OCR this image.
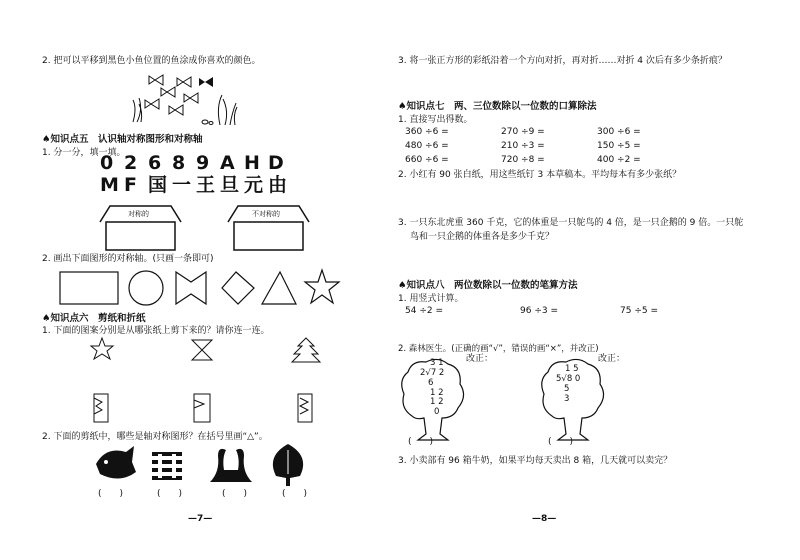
2. 把可以平移到黑色小鱼位置的鱼涂成你喜欢的颜色。
♠知识点五　认识轴对称图形和对称轴
1. 分一分，填一填。
0 2 6 8 9 A H D
M F 国 一 王 旦 元 由
对称的	不对称的
2. 画出下面图形的对称轴。(只画一条即可)
♠知识点六　剪纸和折纸
1. 下面的图案分别是从哪张纸上剪下来的？请你连一连。
2. 下面的剪纸中，哪些是轴对称图形？在括号里画“△”。
(　　)	(　　)	(　　)	(　　)
—7—
3. 将一张正方形的彩纸沿着一个方向对折，再对折……对折 4 次后有多少条折痕？
♠知识点七　两、三位数除以一位数的口算除法
1. 直接写出得数。
360 ÷6 =	270 ÷9 =	300 ÷6 =
480 ÷6 =	210 ÷3 =	150 ÷5 =
660 ÷6 =	720 ÷8 =	400 ÷2 =
2. 小红有 90 张白纸，用这些纸钉 3 本草稿本。平均每本有多少张纸？
3. 一只东北虎重 360 千克，它的体重是一只鸵鸟的 4 倍，是一只企鹅的 9 倍。一只鸵
鸟和一只企鹅的体重各是多少千克？
♠知识点八　两位数除以一位数的笔算方法
1. 用竖式计算。
54 ÷2 =	96 ÷3 =	75 ÷5 =
2. 森林医生。(正确的画“√”，错误的画“×”，并改正)
3 1
2√7 2
6
1 2
1 2
0
改正：
(　　)
1 5
5√8 0
5
3
改正：
(　　)
3. 小卖部有 96 箱牛奶，如果平均每天卖出 8 箱，几天就可以卖完？
—8—
